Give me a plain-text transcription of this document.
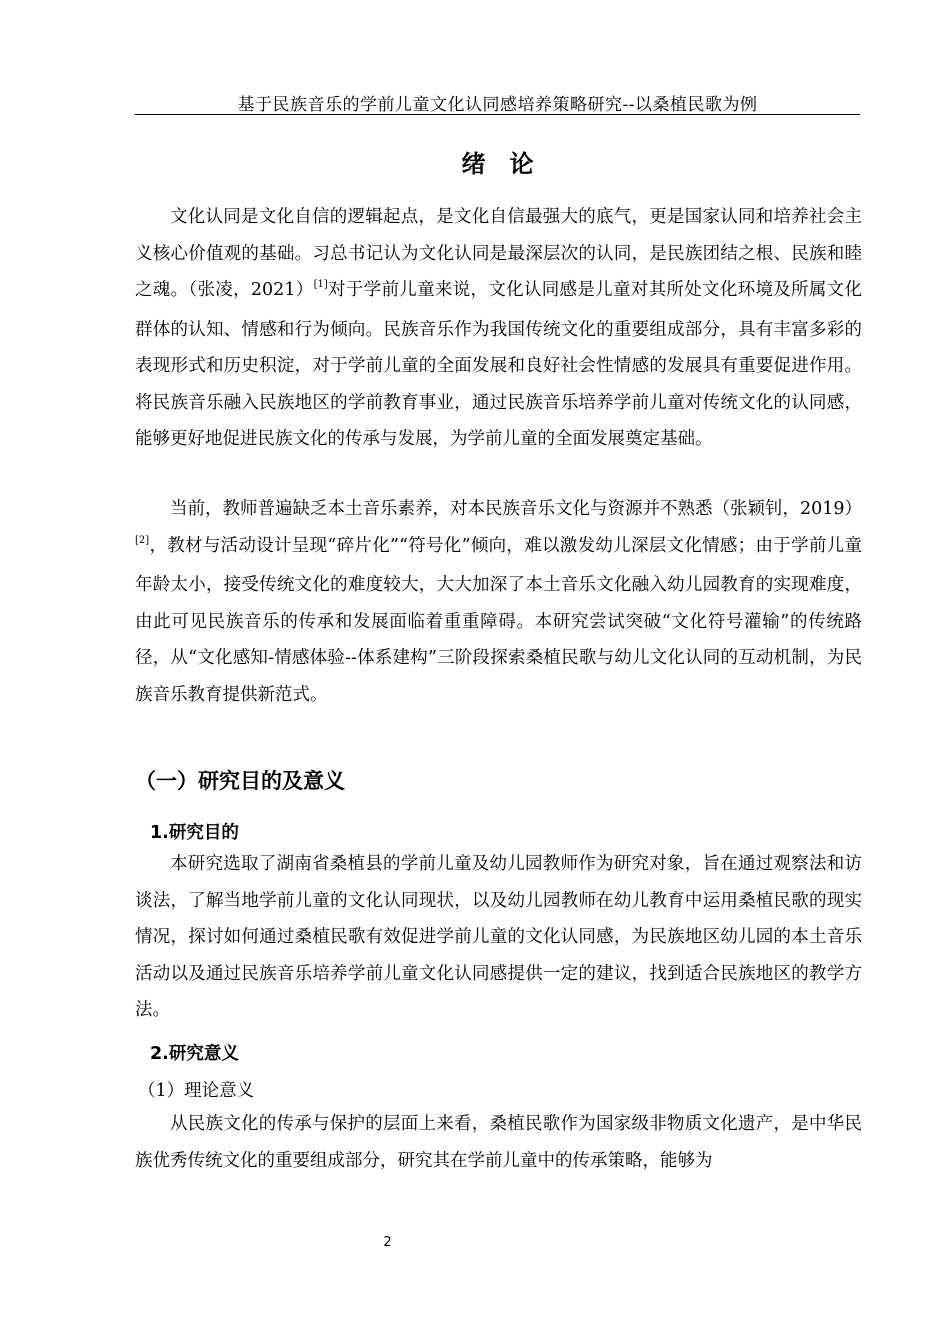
基于民族音乐的学前儿童文化认同感培养策略研究--以桑植民歌为例
绪　论

文化认同是文化自信的逻辑起点，是文化自信最强大的底气，更是国家认同和培养社会主义核心价值观的基础。习总书记认为文化认同是最深层次的认同，是民族团结之根、民族和睦之魂。（张凌，2021）[1]对于学前儿童来说，文化认同感是儿童对其所处文化环境及所属文化群体的认知、情感和行为倾向。民族音乐作为我国传统文化的重要组成部分，具有丰富多彩的表现形式和历史积淀，对于学前儿童的全面发展和良好社会性情感的发展具有重要促进作用。将民族音乐融入民族地区的学前教育事业，通过民族音乐培养学前儿童对传统文化的认同感，能够更好地促进民族文化的传承与发展，为学前儿童的全面发展奠定基础。

当前，教师普遍缺乏本土音乐素养，对本民族音乐文化与资源并不熟悉（张颖钊，2019）[2]，教材与活动设计呈现“碎片化”“符号化”倾向，难以激发幼儿深层文化情感；由于学前儿童年龄太小，接受传统文化的难度较大，大大加深了本土音乐文化融入幼儿园教育的实现难度，由此可见民族音乐的传承和发展面临着重重障碍。本研究尝试突破“文化符号灌输”的传统路径，从“文化感知-情感体验--体系建构”三阶段探索桑植民歌与幼儿文化认同的互动机制，为民族音乐教育提供新范式。

（一）研究目的及意义
1.研究目的

本研究选取了湖南省桑植县的学前儿童及幼儿园教师作为研究对象，旨在通过观察法和访谈法，了解当地学前儿童的文化认同现状，以及幼儿园教师在幼儿教育中运用桑植民歌的现实情况，探讨如何通过桑植民歌有效促进学前儿童的文化认同感，为民族地区幼儿园的本土音乐活动以及通过民族音乐培养学前儿童文化认同感提供一定的建议，找到适合民族地区的教学方法。

2.研究意义
（1）理论意义

从民族文化的传承与保护的层面上来看，桑植民歌作为国家级非物质文化遗产，是中华民族优秀传统文化的重要组成部分，研究其在学前儿童中的传承策略，能够为

2
